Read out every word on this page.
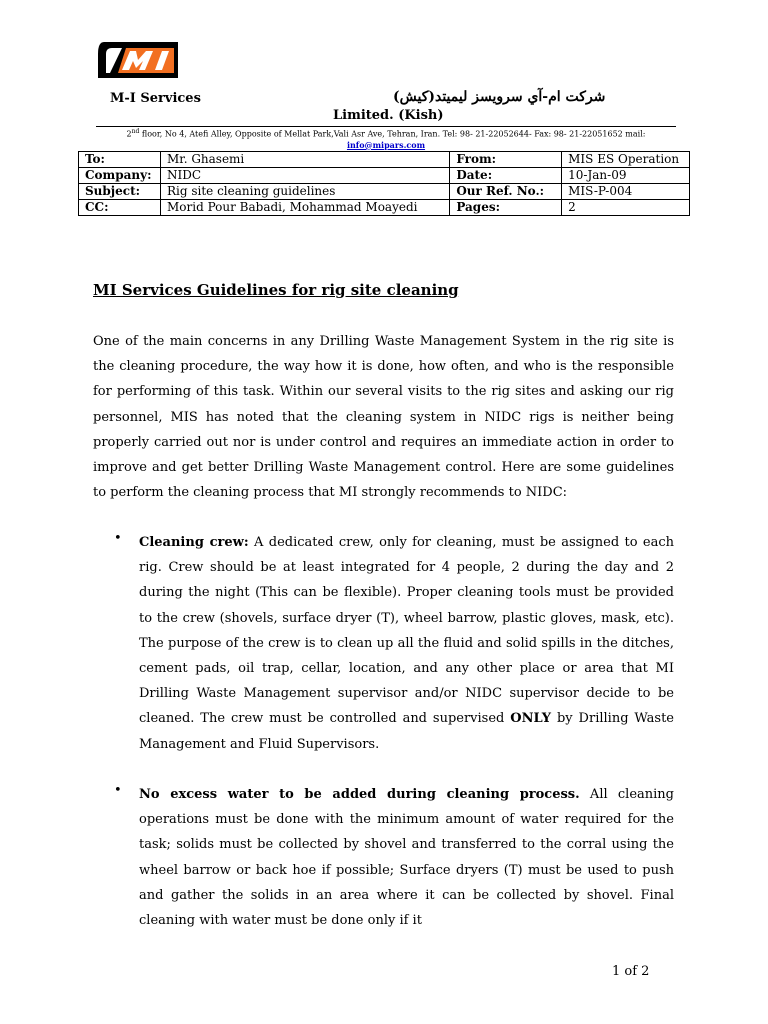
M-I Services	شرکت ام-آي سرويسز ليميتد(کيش)
Limited. (Kish)
2nd floor, No 4, Atefi Alley, Opposite of Mellat Park,Vali Asr Ave, Tehran, Iran. Tel: 98- 21-22052644- Fax: 98- 21-22051652 mail:
info@mipars.com
To:	Mr. Ghasemi	From:	MIS ES Operation
Company:	NIDC	Date:	10-Jan-09
Subject:	Rig site cleaning guidelines	Our Ref. No.:	MIS-P-004
CC:	Morid Pour Babadi, Mohammad Moayedi	Pages:	2
MI Services Guidelines for rig site cleaning
One of the main concerns in any Drilling Waste Management System in the rig site is the cleaning procedure, the way how it is done, how often, and who is the responsible for performing of this task. Within our several visits to the rig sites and asking our rig personnel, MIS has noted that the cleaning system in NIDC rigs is neither being properly carried out nor is under control and requires an immediate action in order to improve and get better Drilling Waste Management control. Here are some guidelines to perform the cleaning process that MI strongly recommends to NIDC:
• Cleaning crew: A dedicated crew, only for cleaning, must be assigned to each rig. Crew should be at least integrated for 4 people, 2 during the day and 2 during the night (This can be flexible). Proper cleaning tools must be provided to the crew (shovels, surface dryer (T), wheel barrow, plastic gloves, mask, etc). The purpose of the crew is to clean up all the fluid and solid spills in the ditches, cement pads, oil trap, cellar, location, and any other place or area that MI Drilling Waste Management supervisor and/or NIDC supervisor decide to be cleaned. The crew must be controlled and supervised ONLY by Drilling Waste Management and Fluid Supervisors.
• No excess water to be added during cleaning process. All cleaning operations must be done with the minimum amount of water required for the task; solids must be collected by shovel and transferred to the corral using the wheel barrow or back hoe if possible; Surface dryers (T) must be used to push and gather the solids in an area where it can be collected by shovel. Final cleaning with water must be done only if it
1 of 2
